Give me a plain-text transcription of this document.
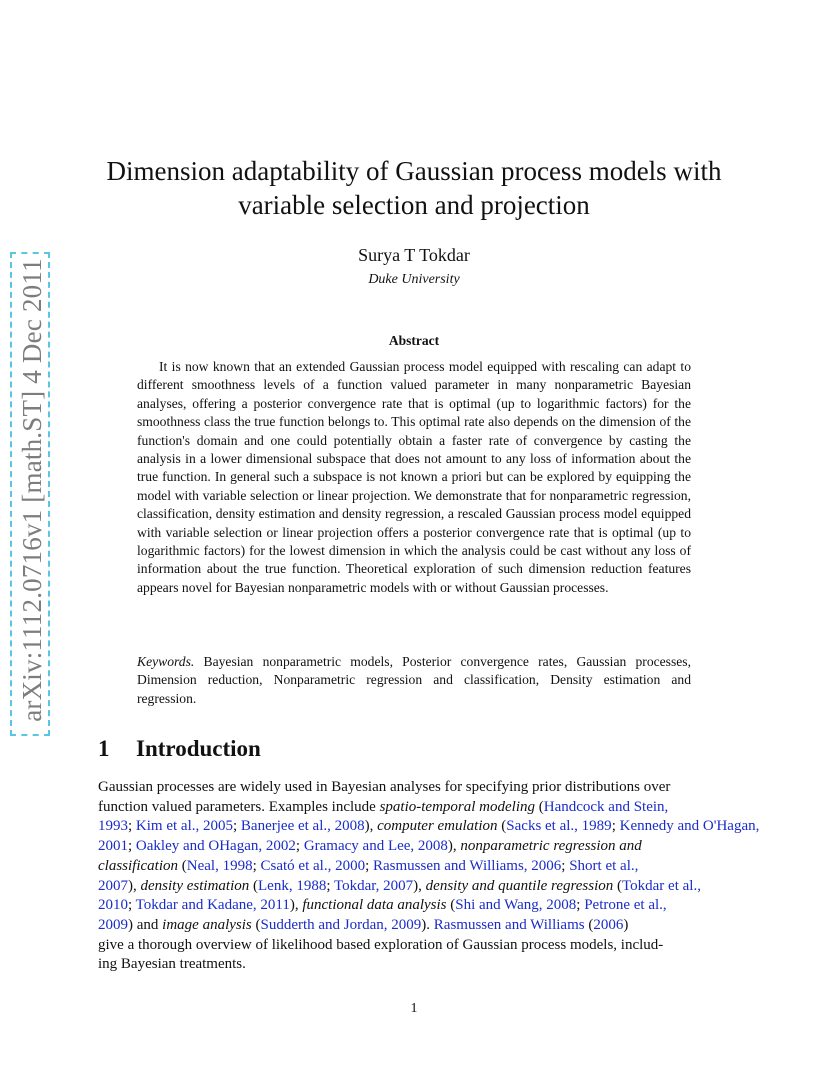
arXiv:1112.0716v1 [math.ST] 4 Dec 2011
Dimension adaptability of Gaussian process models with
variable selection and projection
Surya T Tokdar
Duke University
Abstract
It is now known that an extended Gaussian process model equipped with rescaling can adapt to different smoothness levels of a function valued parameter in many nonparametric Bayesian analyses, offering a posterior convergence rate that is optimal (up to logarithmic factors) for the smoothness class the true function belongs to. This optimal rate also depends on the dimension of the function's domain and one could potentially obtain a faster rate of convergence by casting the analysis in a lower dimensional subspace that does not amount to any loss of information about the true function. In general such a subspace is not known a priori but can be explored by equipping the model with variable selection or linear projection. We demonstrate that for nonparametric regression, classification, density estimation and density regression, a rescaled Gaussian process model equipped with variable selection or linear projection offers a posterior convergence rate that is optimal (up to logarithmic factors) for the lowest dimension in which the analysis could be cast without any loss of information about the true function. Theoretical exploration of such dimension reduction features appears novel for Bayesian nonparametric models with or without Gaussian processes.
Keywords. Bayesian nonparametric models, Posterior convergence rates, Gaussian processes, Dimension reduction, Nonparametric regression and classification, Density estimation and regression.
1 Introduction
Gaussian processes are widely used in Bayesian analyses for specifying prior distributions over
function valued parameters. Examples include spatio-temporal modeling (Handcock and Stein,
1993; Kim et al., 2005; Banerjee et al., 2008), computer emulation (Sacks et al., 1989; Kennedy and O'Hagan,
2001; Oakley and OHagan, 2002; Gramacy and Lee, 2008), nonparametric regression and
classification (Neal, 1998; Csató et al., 2000; Rasmussen and Williams, 2006; Short et al.,
2007), density estimation (Lenk, 1988; Tokdar, 2007), density and quantile regression (Tokdar et al.,
2010; Tokdar and Kadane, 2011), functional data analysis (Shi and Wang, 2008; Petrone et al.,
2009) and image analysis (Sudderth and Jordan, 2009). Rasmussen and Williams (2006)
give a thorough overview of likelihood based exploration of Gaussian process models, includ-
ing Bayesian treatments.
1
